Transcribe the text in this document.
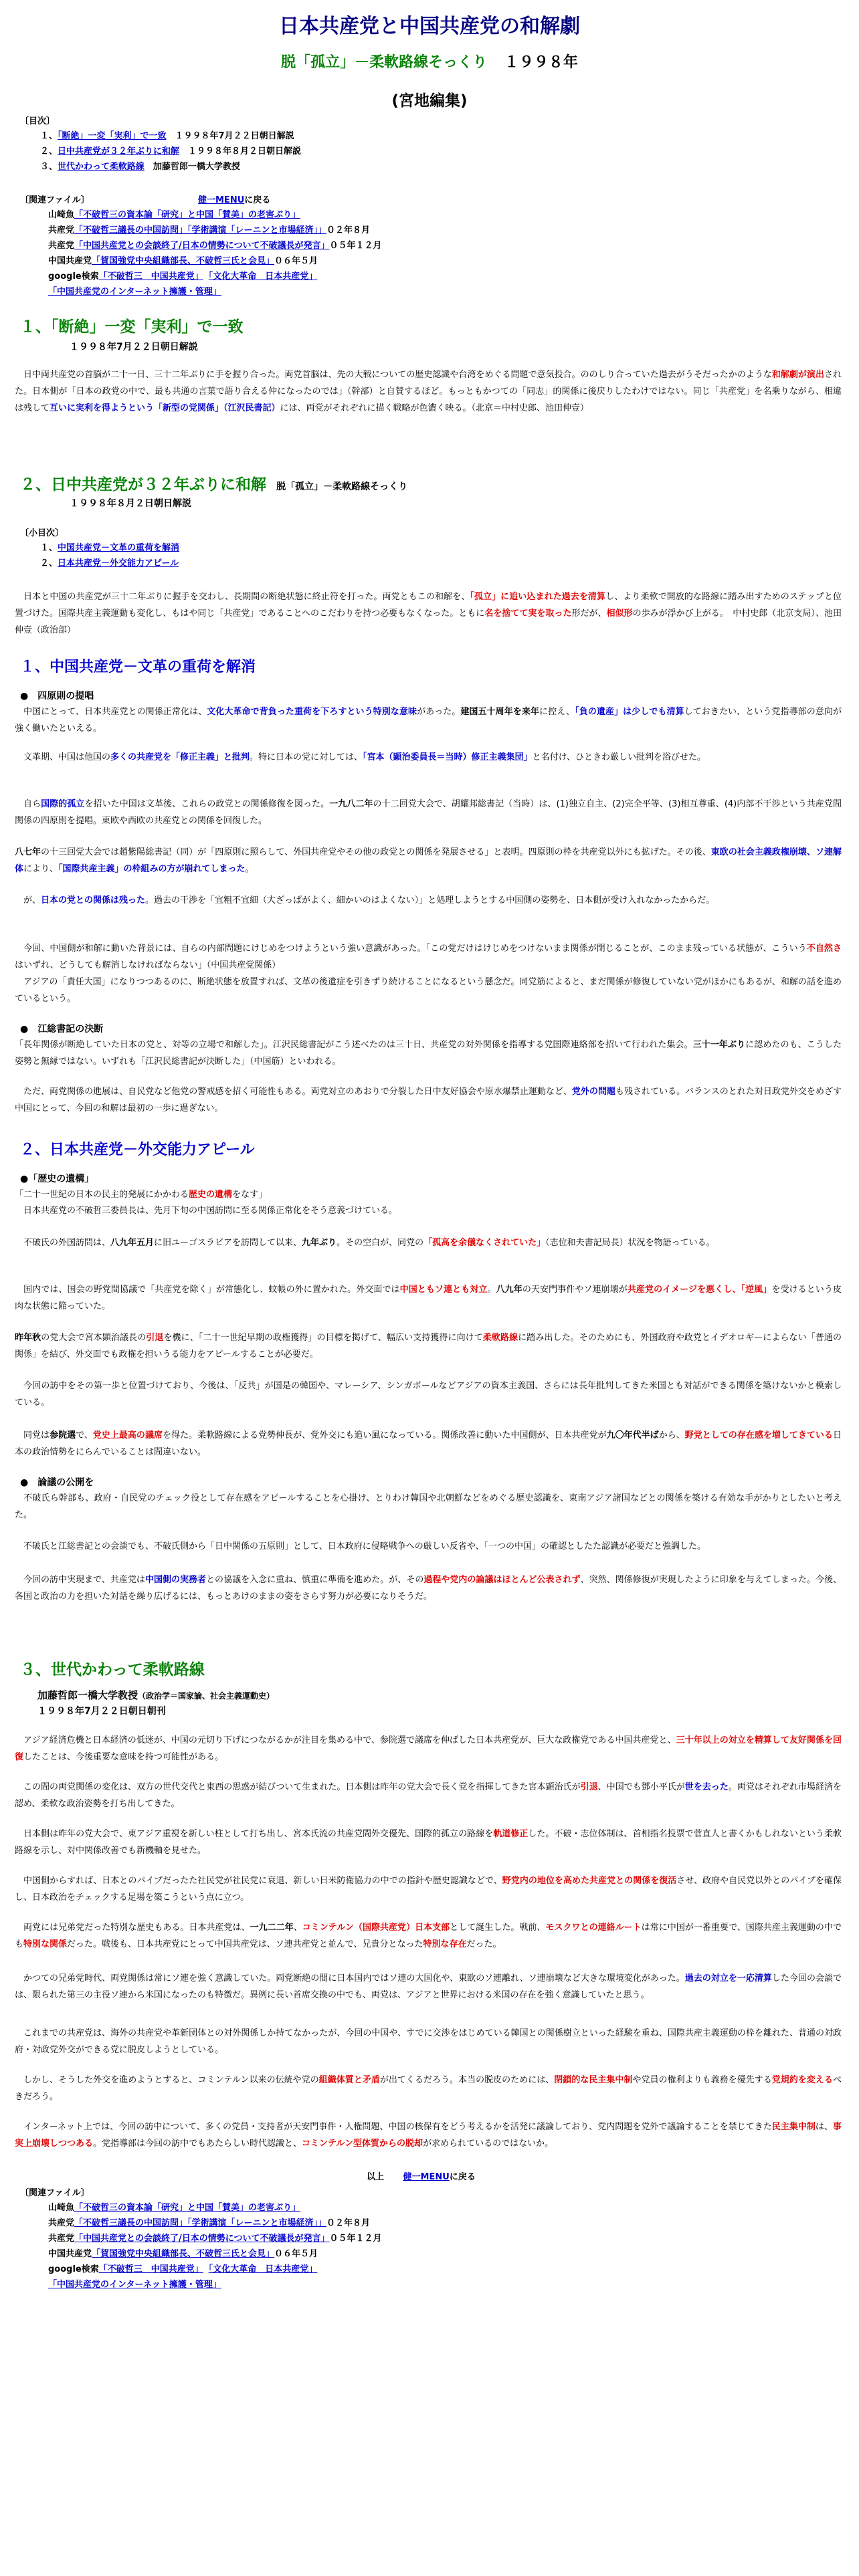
日本共産党と中国共産党の和解劇
脱「孤立」－柔軟路線そっくり １９９８年
(宮地編集)
〔目次〕
１、「断絶」一変「実利」で一致　１９９８年7月２２日朝日解説
２、日中共産党が３２年ぶりに和解　１９９８年８月２日朝日解説
３、世代かわって柔軟路線　加藤哲郎一橋大学教授
〔関連ファイル〕	健一MENUに戻る
山崎魚「不破哲三の資本論「研究」と中国「賛美」の老害ぶり」
共産党「不破哲三議長の中国訪問」「学術講演「レーニンと市場経済」」０２年８月
共産党「中国共産党との会談終了/日本の情勢について不破議長が発言」０５年１２月
中国共産党「賀国強党中央組織部長、不破哲三氏と会見」０６年５月
google検索「不破哲三　中国共産党」 「文化大革命　日本共産党」
「中国共産党のインターネット擁護・管理」
１、「断絶」一変「実利」で一致
１９９８年7月２２日朝日解説
　日中両共産党の首脳が二十一日、三十二年ぶりに手を握り合った。両党首脳は、先の大戦についての歴史認識や台湾をめぐる問題で意気投合。ののしり合っていた過去がうそだったかのような和解劇が演出された。日本側が「日本の政党の中で、最も共通の言葉で語り合える仲になったのでは」（幹部）と自賛するほど。もっともかつての「同志」的関係に後戻りしたわけではない。同じ「共産党」を名乗りながら、相違は残して互いに実利を得ようという「新型の党関係」（江沢民書記）には、両党がそれぞれに描く戦略が色濃く映る。（北京＝中村史郎、池田伸壹）
２、日中共産党が３２年ぶりに和解 脱「孤立」－柔軟路線そっくり
１９９８年８月２日朝日解説
〔小目次〕
１、中国共産党－文革の重荷を解消
２、日本共産党－外交能力アピール
　日本と中国の共産党が三十二年ぶりに握手を交わし、長期間の断絶状態に終止符を打った。両党ともこの和解を、「孤立」に追い込まれた過去を清算し、より柔軟で開放的な路線に踏み出すためのステップと位置づけた。国際共産主義運動も変化し、もはや同じ「共産党」であることへのこだわりを持つ必要もなくなった。ともに名を捨てて実を取った形だが、相似形の歩みが浮かび上がる。　中村史郎（北京支局）、池田伸壹（政治部）
１、中国共産党－文革の重荷を解消
●　四原則の提唱
　中国にとって、日本共産党との関係正常化は、文化大革命で背負った重荷を下ろすという特別な意味があった。建国五十周年を来年に控え、「負の遺産」は少しでも清算しておきたい、という党指導部の意向が強く働いたといえる。
　文革期、中国は他国の多くの共産党を「修正主義」と批判。特に日本の党に対しては、「宮本（顕治委員長＝当時）修正主義集団」と名付け、ひときわ厳しい批判を浴びせた。
　自ら国際的孤立を招いた中国は文革後、これらの政党との関係修復を図った。一九八二年の十二回党大会で、胡耀邦総書記（当時）は、(1)独立自主、(2)完全平等、(3)相互尊重、(4)内部不干渉という共産党間関係の四原則を提唱。東欧や西欧の共産党との関係を回復した。
八七年の十三回党大会では趙紫陽総書記（同）が「四原則に照らして、外国共産党やその他の政党との関係を発展させる」と表明。四原則の枠を共産党以外にも拡げた。その後、東欧の社会主義政権崩壊、ソ連解体により、「国際共産主義」の枠組みの方が崩れてしまった。
　が、日本の党との関係は残った。過去の干渉を「宜粗不宜細（大ざっぱがよく、細かいのはよくない）」と処理しようとする中国側の姿勢を、日本側が受け入れなかったからだ。
　今回、中国側が和解に動いた背景には、自らの内部問題にけじめをつけようという強い意識があった。「この党だけはけじめをつけないまま関係が閉じることが、このまま残っている状態が、こういう不自然さはいずれ、どうしても解消しなければならない」（中国共産党関係）
　アジアの「責任大国」になりつつあるのに、断絶状態を放置すれば、文革の後遺症を引きずり続けることになるという懸念だ。同党筋によると、まだ関係が修復していない党がほかにもあるが、和解の話を進めているという。
●　江総書記の決断
「長年関係が断絶していた日本の党と、対等の立場で和解した」。江沢民総書記がこう述べたのは三十日、共産党の対外関係を指導する党国際連絡部を招いて行われた集会。三十一年ぶりに認めたのも、こうした姿勢と無縁ではない。いずれも「江沢民総書記が決断した」（中国筋）といわれる。
　ただ、両党関係の進展は、自民党など他党の警戒感を招く可能性もある。両党対立のあおりで分裂した日中友好協会や原水爆禁止運動など、党外の問題も残されている。バランスのとれた対日政党外交をめざす中国にとって、今回の和解は最初の一歩に過ぎない。
２、日本共産党－外交能力アピール
●「歴史の遺構」
「二十一世紀の日本の民主的発展にかかわる歴史の遺構をなす」
　日本共産党の不破哲三委員長は、先月下旬の中国訪問に至る関係正常化をそう意義づけている。
　不破氏の外国訪問は、八九年五月に旧ユーゴスラビアを訪問して以来、九年ぶり。その空白が、同党の「孤高を余儀なくされていた」（志位和夫書記局長）状況を物語っている。
　国内では、国会の野党間協議で「共産党を除く」が常態化し、蚊帳の外に置かれた。外交面では中国ともソ連とも対立。八九年の天安門事件やソ連崩壊が共産党のイメージを悪くし、「逆風」を受けるという皮肉な状態に陥っていた。
昨年秋の党大会で宮本顕治議長の引退を機に、「二十一世紀早期の政権獲得」の目標を掲げて、幅広い支持獲得に向けて柔軟路線に踏み出した。そのためにも、外国政府や政党とイデオロギーによらない「普通の関係」を結び、外交面でも政権を担いうる能力をアピールすることが必要だ。
　今回の訪中をその第一歩と位置づけており、今後は、「反共」が国是の韓国や、マレーシア、シンガポールなどアジアの資本主義国、さらには長年批判してきた米国とも対話ができる関係を築けないかと模索している。
　同党は参院選で、党史上最高の議席を得た。柔軟路線による党勢伸長が、党外交にも追い風になっている。関係改善に動いた中国側が、日本共産党が九〇年代半ばから、野党としての存在感を増してきている日本の政治情勢をにらんでいることは間違いない。
●　論議の公開を
　不破氏ら幹部も、政府・自民党のチェック役として存在感をアピールすることを心掛け、とりわけ韓国や北朝鮮などをめぐる歴史認識を、東南アジア諸国などとの関係を築ける有効な手がかりとしたいと考えた。
　不破氏と江総書記との会談でも、不破氏側から「日中関係の五原則」として、日本政府に侵略戦争への厳しい反省や、「一つの中国」の確認としたた認識が必要だと強調した。
　今回の訪中実現まで、共産党は中国側の実務者との協議を入念に重ね、慎重に準備を進めた。が、その過程や党内の論議はほとんど公表されず、突然、関係修復が実現したように印象を与えてしまった。今後、各国と政治の力を担いた対話を繰り広げるには、もっとあけのままの姿をさらす努力が必要になりそうだ。
３、世代かわって柔軟路線
加藤哲郎一橋大学教授（政治学＝国家論、社会主義運動史）
１９９８年7月２２日朝日朝刊
　アジア経済危機と日本経済の低迷が、中国の元切り下げにつながるかが注目を集める中で、参院選で議席を伸ばした日本共産党が、巨大な政権党である中国共産党と、三十年以上の対立を精算して友好関係を回復したことは、今後重要な意味を持つ可能性がある。
　この間の両党関係の変化は、双方の世代交代と東西の思惑が結びついて生まれた。日本側は昨年の党大会で長く党を指揮してきた宮本顕治氏が引退、中国でも鄧小平氏が世を去った。両党はそれぞれ市場経済を認め、柔軟な政治姿勢を打ち出してきた。
　日本側は昨年の党大会で、東アジア重視を新しい柱として打ち出し、宮本氏流の共産党間外交優先、国際的孤立の路線を軌道修正した。不破・志位体制は、首相指名投票で菅直人と書くかもしれないという柔軟路線を示し、対中関係改善でも新機軸を見せた。
　中国側からすれば、日本とのパイプだったた社民党が社民党に衰退、新しい日米防衛協力の中での指針や歴史認識などで、野党内の地位を高めた共産党との関係を復活させ、政府や自民党以外とのパイプを確保し、日本政治をチェックする足場を築こうという点に立つ。
　両党には兄弟党だった特別な歴史もある。日本共産党は、一九二二年、コミンテルン（国際共産党）日本支部として誕生した。戦前、モスクワとの連絡ルートは常に中国が一番重要で、国際共産主義運動の中でも特別な関係だった。戦後も、日本共産党にとって中国共産党は、ソ連共産党と並んで、兄貴分となった特別な存在だった。
　かつての兄弟党時代、両党関係は常にソ連を強く意識していた。両党断絶の間に日本国内ではソ連の大国化や、東欧のソ連離れ、ソ連崩壊など大きな環境変化があった。過去の対立を一応清算した今回の会談では、限られた第三の主役ソ連から米国になったのも特徴だ。異例に長い首席交換の中でも、両党は、アジアと世界における米国の存在を強く意識していたと思う。
　これまでの共産党は、海外の共産党や革新団体との対外関係しか持てなかったが、今回の中国や、すでに交渉をはじめている韓国との関係樹立といった経験を重ね、国際共産主義運動の枠を離れた、普通の対政府・対政党外交ができる党に脱皮しようとしている。
　しかし、そうした外交を進めようとすると、コミンテルン以来の伝統や党の組織体質と矛盾が出てくるだろう。本当の脱皮のためには、閉鎖的な民主集中制や党員の権利よりも義務を優先する党規約を変えるべきだろう。
　インターネット上では、今回の訪中について、多くの党員・支持者が天安門事件・人権問題、中国の核保有をどう考えるかを活発に議論しており、党内問題を党外で議論することを禁じてきた民主集中制は、事実上崩壊しつつある。党指導部は今回の訪中でもあたらしい時代認識と、コミンテルン型体質からの脱却が求められているのではないか。
以上 健一MENUに戻る
〔関連ファイル〕
山崎魚「不破哲三の資本論「研究」と中国「賛美」の老害ぶり」
共産党「不破哲三議長の中国訪問」「学術講演「レーニンと市場経済」」０２年８月
共産党「中国共産党との会談終了/日本の情勢について不破議長が発言」０５年１２月
中国共産党「賀国強党中央組織部長、不破哲三氏と会見」０６年５月
google検索「不破哲三　中国共産党」 「文化大革命　日本共産党」
「中国共産党のインターネット擁護・管理」
